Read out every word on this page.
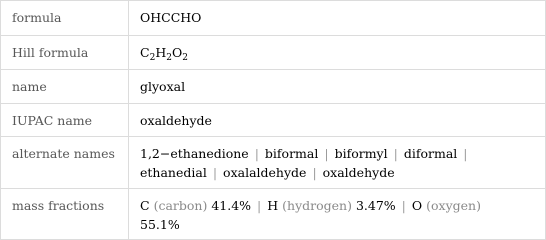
formula	OHCCHO
Hill formula	$C_2H_2O_2$
name	glyoxal
IUPAC name	oxaldehyde
alternate names	1,2−ethanedione | biformal | biformyl | diformal |
ethanedial | oxalaldehyde | oxaldehyde
mass fractions	C (carbon) 41.4% | H (hydrogen) 3.47% | O (oxygen)
55.1%
